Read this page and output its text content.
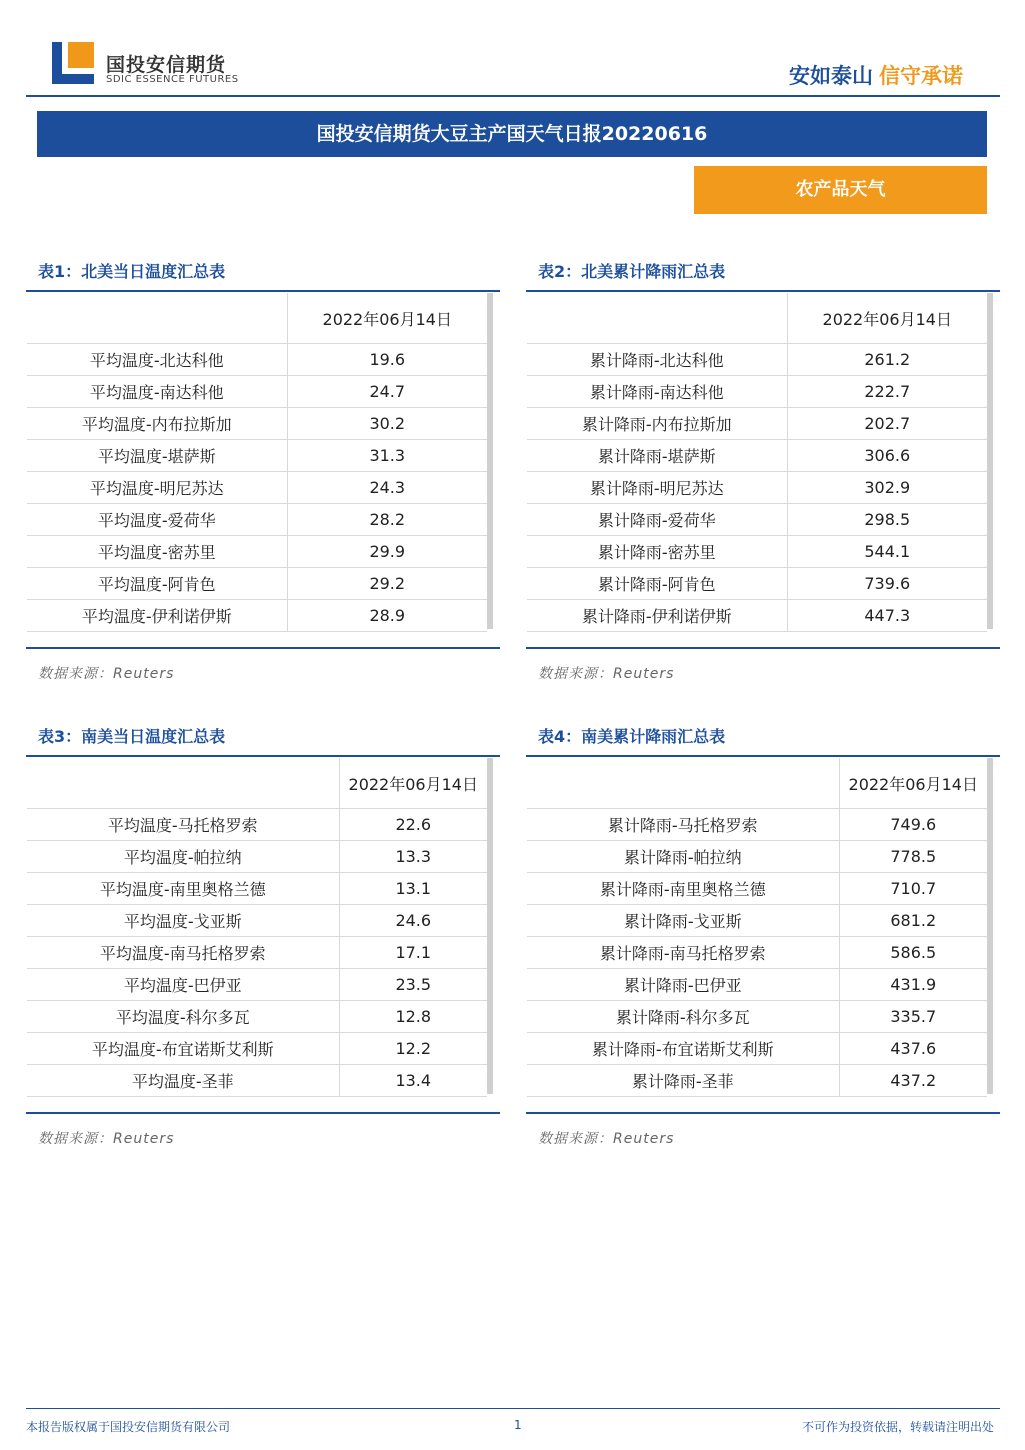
国投安信期货
SDIC ESSENCE FUTURES	安如泰山 信守承诺
国投安信期货大豆主产国天气日报20220616
农产品天气
表1：北美当日温度汇总表
	2022年06月14日
平均温度-北达科他	19.6
平均温度-南达科他	24.7
平均温度-内布拉斯加	30.2
平均温度-堪萨斯	31.3
平均温度-明尼苏达	24.3
平均温度-爱荷华	28.2
平均温度-密苏里	29.9
平均温度-阿肯色	29.2
平均温度-伊利诺伊斯	28.9
数据来源：Reuters
表2：北美累计降雨汇总表
	2022年06月14日
累计降雨-北达科他	261.2
累计降雨-南达科他	222.7
累计降雨-内布拉斯加	202.7
累计降雨-堪萨斯	306.6
累计降雨-明尼苏达	302.9
累计降雨-爱荷华	298.5
累计降雨-密苏里	544.1
累计降雨-阿肯色	739.6
累计降雨-伊利诺伊斯	447.3
数据来源：Reuters
表3：南美当日温度汇总表
	2022年06月14日
平均温度-马托格罗索	22.6
平均温度-帕拉纳	13.3
平均温度-南里奥格兰德	13.1
平均温度-戈亚斯	24.6
平均温度-南马托格罗索	17.1
平均温度-巴伊亚	23.5
平均温度-科尔多瓦	12.8
平均温度-布宜诺斯艾利斯	12.2
平均温度-圣菲	13.4
数据来源：Reuters
表4：南美累计降雨汇总表
	2022年06月14日
累计降雨-马托格罗索	749.6
累计降雨-帕拉纳	778.5
累计降雨-南里奥格兰德	710.7
累计降雨-戈亚斯	681.2
累计降雨-南马托格罗索	586.5
累计降雨-巴伊亚	431.9
累计降雨-科尔多瓦	335.7
累计降雨-布宜诺斯艾利斯	437.6
累计降雨-圣菲	437.2
数据来源：Reuters
本报告版权属于国投安信期货有限公司	1	不可作为投资依据，转载请注明出处
